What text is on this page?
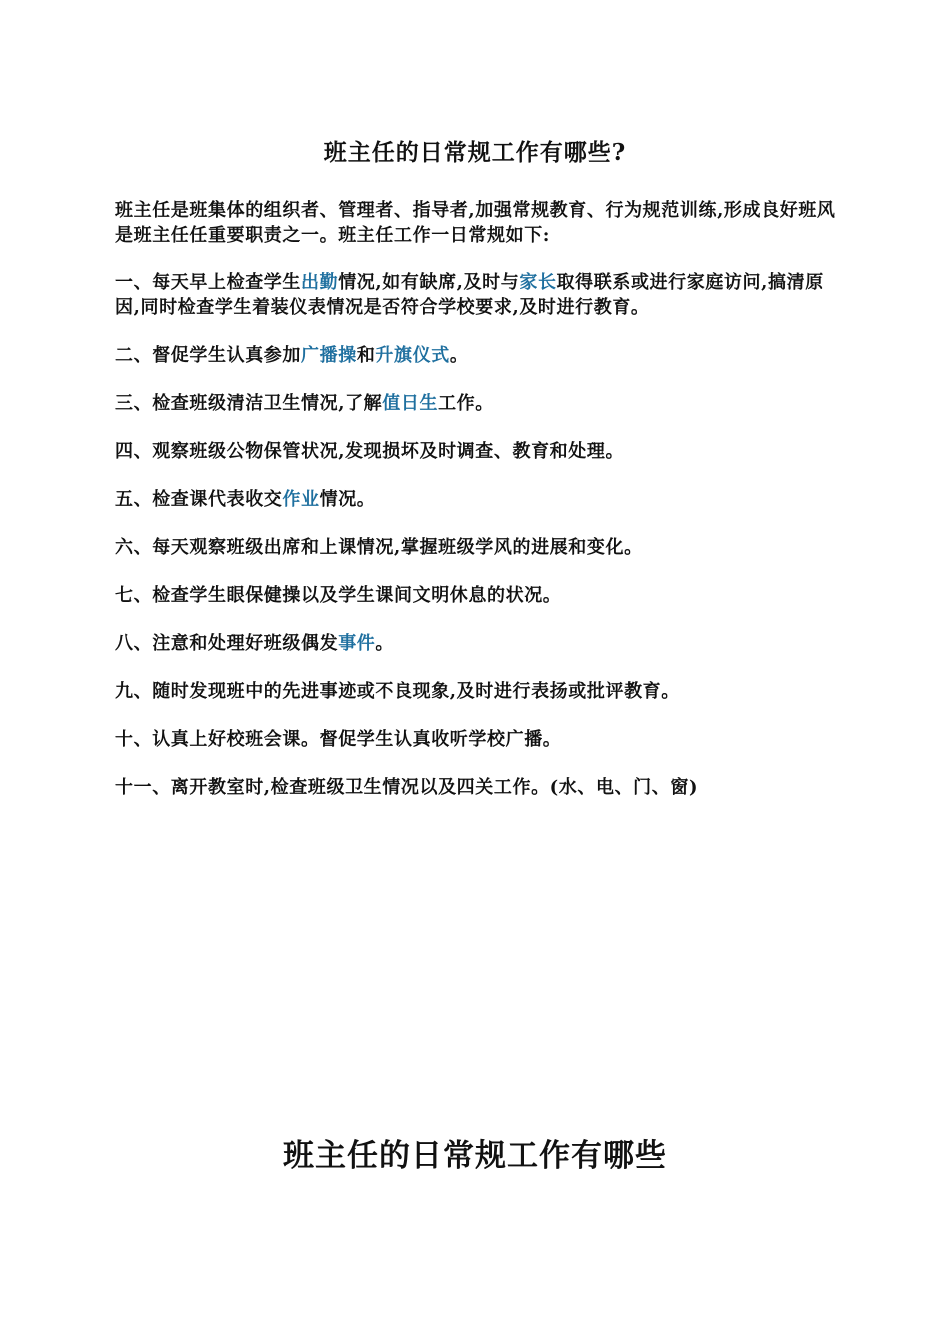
班主任的日常规工作有哪些?

班主任是班集体的组织者、管理者、指导者,加强常规教育、行为规范训练,形成良好班风是班主任任重要职责之一。班主任工作一日常规如下:

一、每天早上检查学生出勤情况,如有缺席,及时与家长取得联系或进行家庭访问,搞清原因,同时检查学生着装仪表情况是否符合学校要求,及时进行教育。

二、督促学生认真参加广播操和升旗仪式。

三、检查班级清洁卫生情况,了解值日生工作。

四、观察班级公物保管状况,发现损坏及时调查、教育和处理。

五、检查课代表收交作业情况。

六、每天观察班级出席和上课情况,掌握班级学风的进展和变化。

七、检查学生眼保健操以及学生课间文明休息的状况。

八、注意和处理好班级偶发事件。

九、随时发现班中的先进事迹或不良现象,及时进行表扬或批评教育。

十、认真上好校班会课。督促学生认真收听学校广播。

十一、离开教室时,检查班级卫生情况以及四关工作。(水、电、门、窗)

班主任的日常规工作有哪些
